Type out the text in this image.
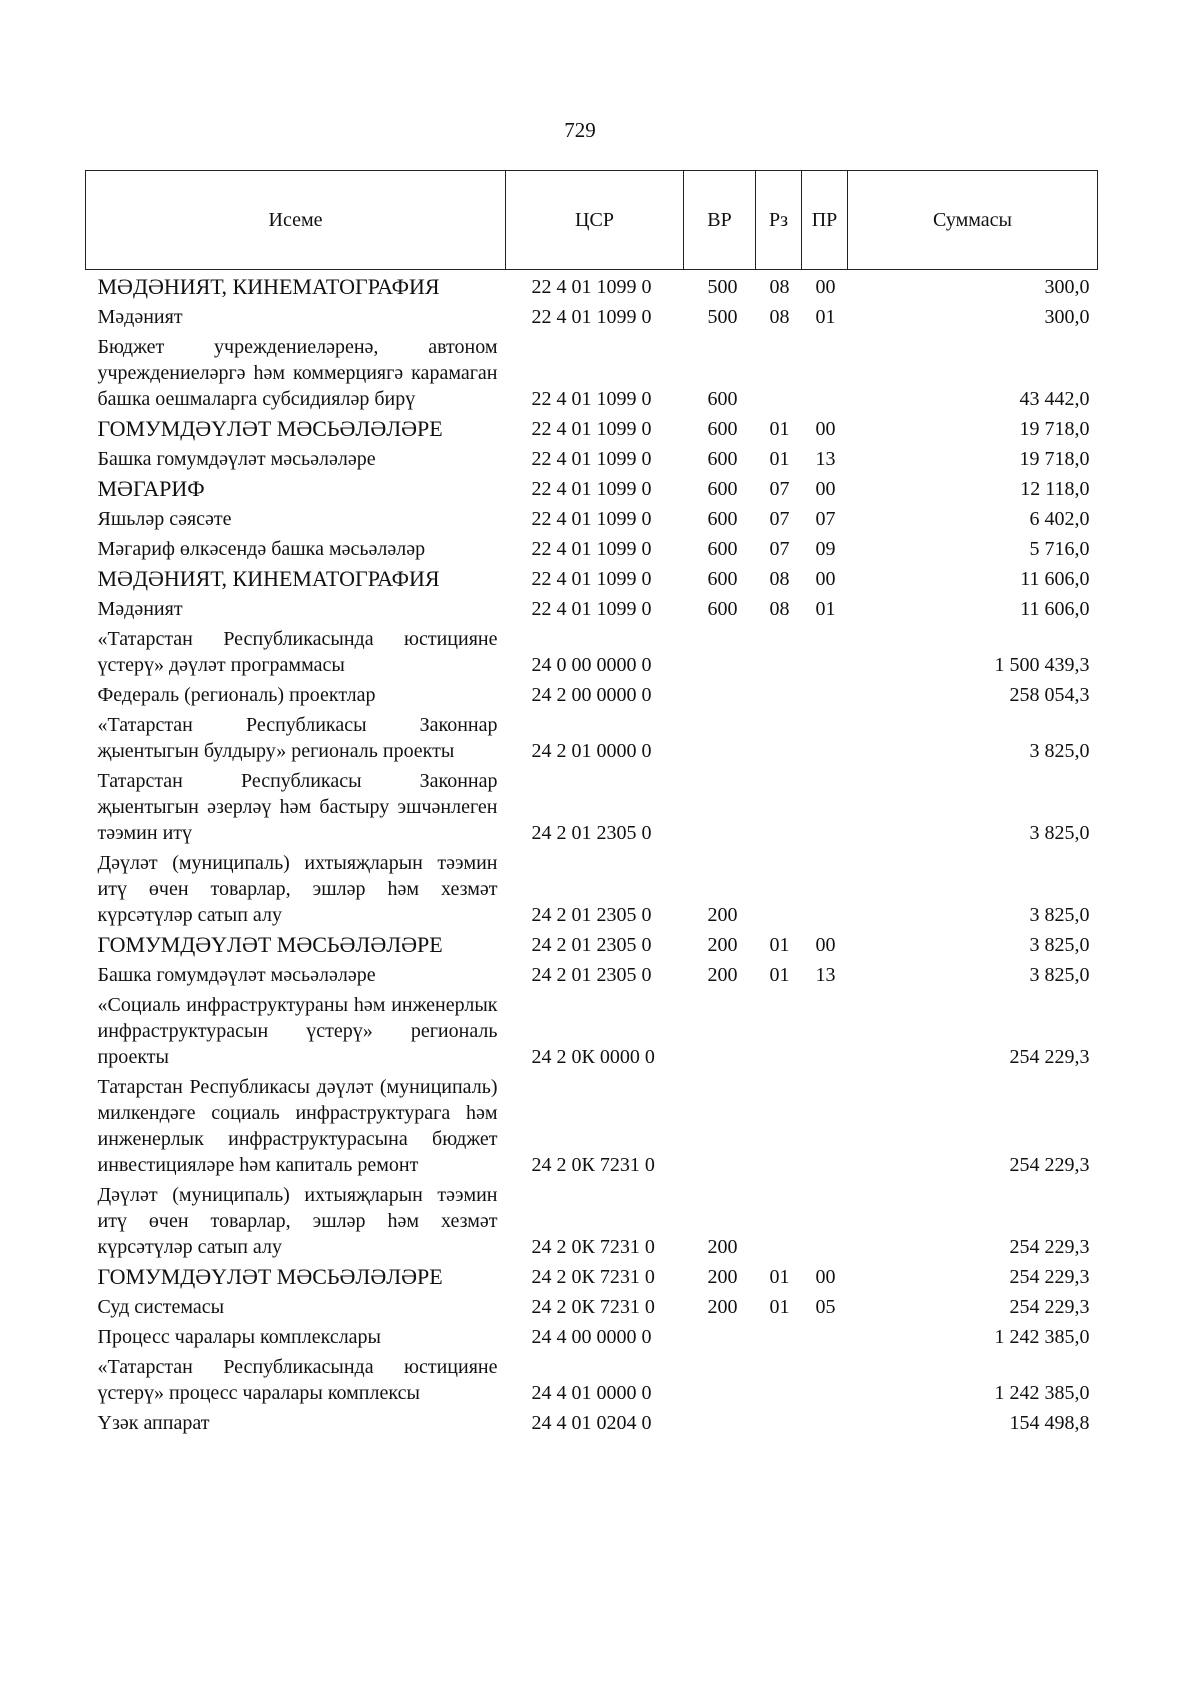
729
Исеме	ЦСР	ВР	Рз	ПР	Суммасы
МӘДӘНИЯТ, КИНЕМАТОГРАФИЯ	22 4 01 1099 0	500	08	00	300,0
Мәдәният	22 4 01 1099 0	500	08	01	300,0
Бюджет учреждениеләренә, автоном учреждениеләргә һәм коммерциягә карамаган башка оешмаларга субсидияләр бирү	22 4 01 1099 0	600			43 442,0
ГОМУМДӘҮЛӘТ МӘСЬӘЛӘЛӘРЕ	22 4 01 1099 0	600	01	00	19 718,0
Башка гомумдәүләт мәсьәләләре	22 4 01 1099 0	600	01	13	19 718,0
МӘГАРИФ	22 4 01 1099 0	600	07	00	12 118,0
Яшьләр сәясәте	22 4 01 1099 0	600	07	07	6 402,0
Мәгариф өлкәсендә башка мәсьәләләр	22 4 01 1099 0	600	07	09	5 716,0
МӘДӘНИЯТ, КИНЕМАТОГРАФИЯ	22 4 01 1099 0	600	08	00	11 606,0
Мәдәният	22 4 01 1099 0	600	08	01	11 606,0
«Татарстан Республикасында юстицияне үстерү» дәүләт программасы	24 0 00 0000 0				1 500 439,3
Федераль (региональ) проектлар	24 2 00 0000 0				258 054,3
«Татарстан Республикасы Законнар җыентыгын булдыру» региональ проекты	24 2 01 0000 0				3 825,0
Татарстан Республикасы Законнар җыентыгын әзерләү һәм бастыру эшчәнлеген тәэмин итү	24 2 01 2305 0				3 825,0
Дәүләт (муниципаль) ихтыяҗларын тәэмин итү өчен товарлар, эшләр һәм хезмәт күрсәтүләр сатып алу	24 2 01 2305 0	200			3 825,0
ГОМУМДӘҮЛӘТ МӘСЬӘЛӘЛӘРЕ	24 2 01 2305 0	200	01	00	3 825,0
Башка гомумдәүләт мәсьәләләре	24 2 01 2305 0	200	01	13	3 825,0
«Социаль инфраструктураны һәм инженерлык инфраструктурасын үстерү» региональ проекты	24 2 0К 0000 0				254 229,3
Татарстан Республикасы дәүләт (муниципаль) милкендәге социаль инфраструктурага һәм инженерлык инфраструктурасына бюджет инвестицияләре һәм капиталь ремонт	24 2 0К 7231 0				254 229,3
Дәүләт (муниципаль) ихтыяҗларын тәэмин итү өчен товарлар, эшләр һәм хезмәт күрсәтүләр сатып алу	24 2 0К 7231 0	200			254 229,3
ГОМУМДӘҮЛӘТ МӘСЬӘЛӘЛӘРЕ	24 2 0К 7231 0	200	01	00	254 229,3
Суд системасы	24 2 0К 7231 0	200	01	05	254 229,3
Процесс чаралары комплекслары	24 4 00 0000 0				1 242 385,0
«Татарстан Республикасында юстицияне үстерү» процесс чаралары комплексы	24 4 01 0000 0				1 242 385,0
Үзәк аппарат	24 4 01 0204 0				154 498,8
